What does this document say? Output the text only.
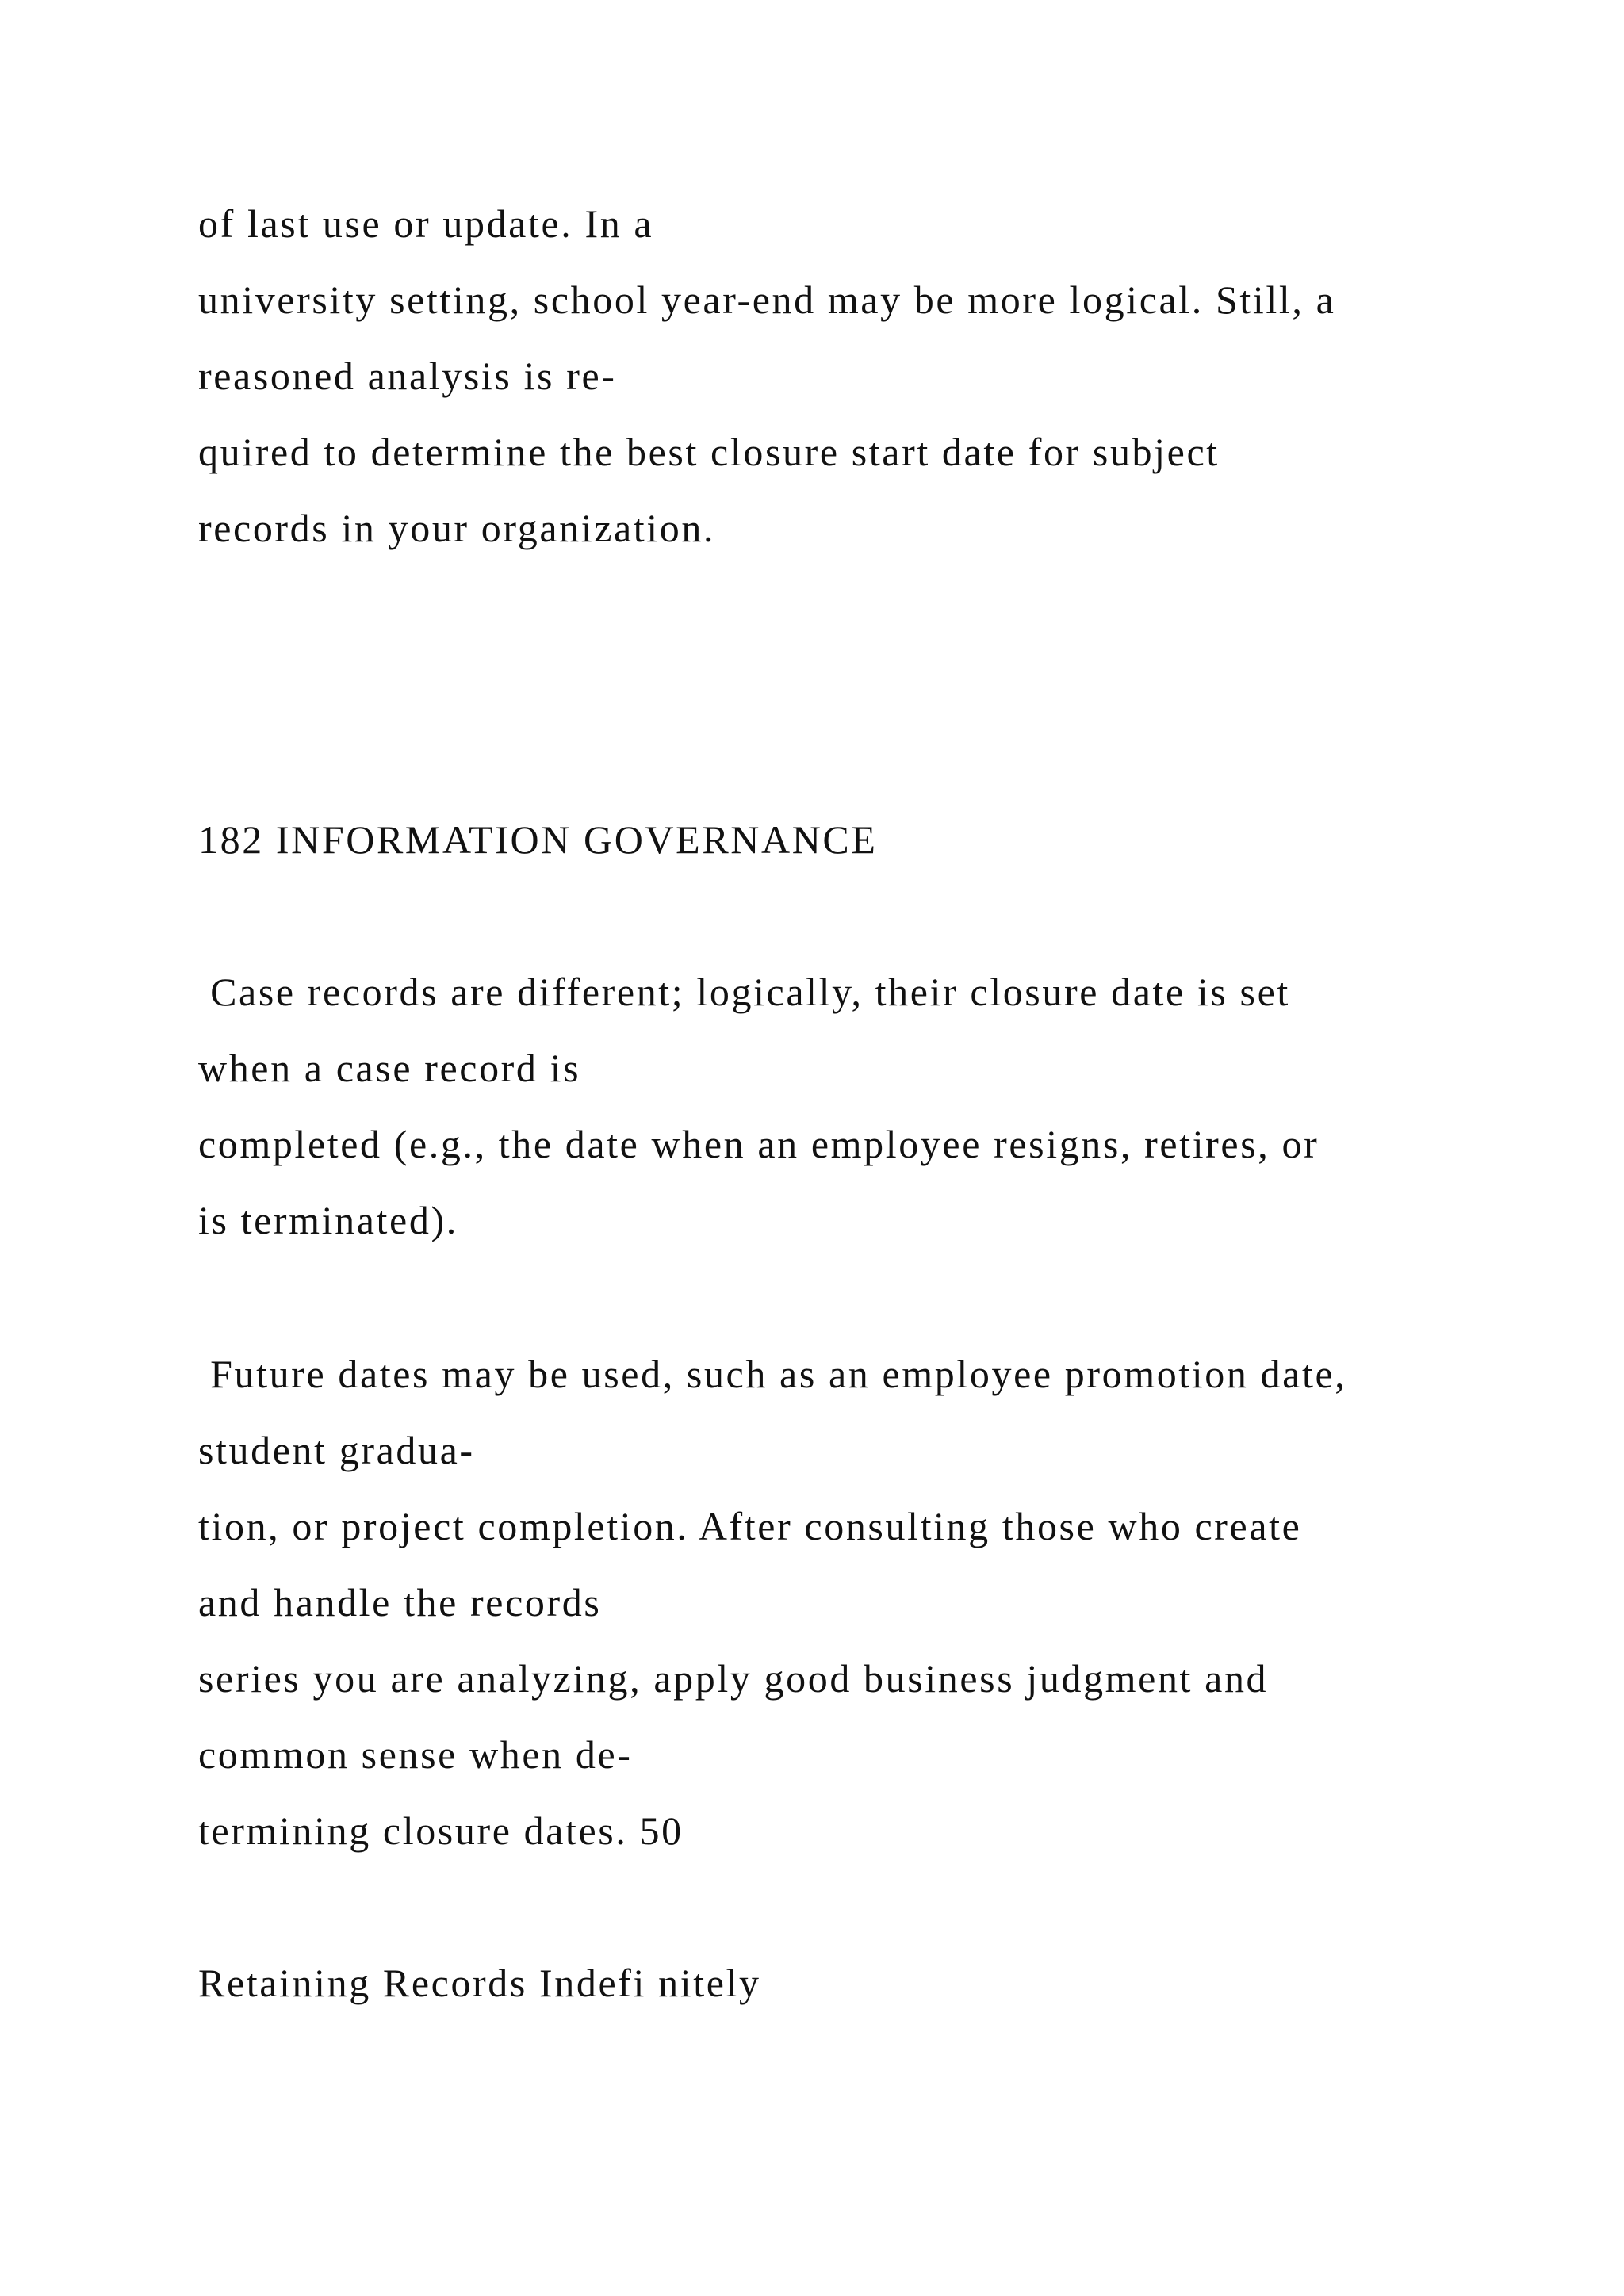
of last use or update. In a

university setting, school year-end may be more logical. Still, a

reasoned analysis is re-

quired to determine the best closure start date for subject

records in your organization.

182 INFORMATION GOVERNANCE

Case records are different; logically, their closure date is set

when a case record is

completed (e.g., the date when an employee resigns, retires, or

is terminated).

Future dates may be used, such as an employee promotion date,

student gradua-

tion, or project completion. After consulting those who create

and handle the records

series you are analyzing, apply good business judgment and

common sense when de-

termining closure dates. 50

Retaining Records Indefi nitely
